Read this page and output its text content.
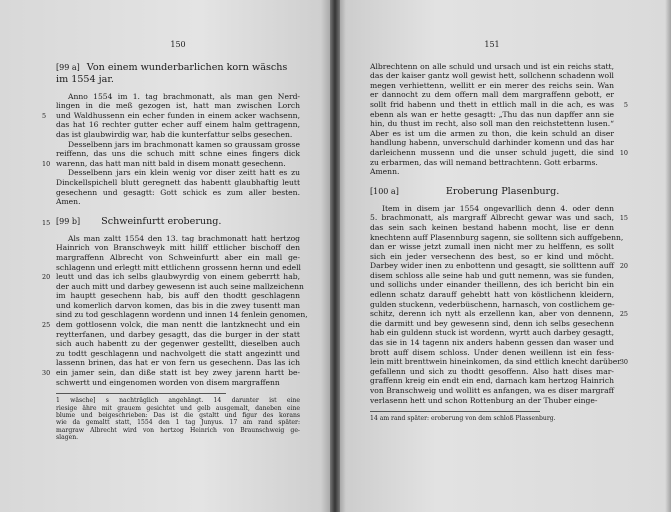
150
[99 a] Von einem wunderbarlichen korn wäschs im 1554 jar.
Anno 1554 im 1. tag brachmonatt, als man gen Nerd-
lingen in die meß gezogen ist, hatt man zwischen Lorch
und Waldhussenn ein echer funden in einem acker wachsenn,
5
das hat 16 rechter gutter echer auff einem halm gettragenn,
das ist glaubwirdig war, hab die kunterfattur selbs gesechen.
Desselbenn jars im brachmonatt kamen so graussam grosse
reiffenn, das uns die schuch mitt schne eines fingers dick
warenn, das hatt man nitt bald in disem monatt gesechenn.
10
Desselbenn jars ein klein wenig vor diser zeitt hatt es zu
Dinckellspichell blutt geregnett das habentt glaubhaftig leutt
gesechenn und gesagtt: Gott schick es zum aller besten.
Amen.
15 [99 b] Schweinfurtt eroberung.
Als man zaltt 1554 den 13. tag brachmonatt hatt hertzog
Hainrich von Branschweyk mitt hillff ettlicher bischoff den
margraffenn Albrecht von Schweinfurtt aber ein mall ge-
schlagenn und erlegtt mitt ettlichenn grossenn hernn und edell
leutt und das ich selbs glaubwyrdig von einem geberrtt hab,
20
der auch mitt und darbey gewesenn ist auch seine mallzeichenn
im hauptt gesechenn hab, bis auff den thodtt geschlagenn
und komerlich darvon komen, das bis in die zwey tusentt man
sind zu tod geschlagenn wordenn und innen 14 fenlein genomen,
dem gottlosenn volck, die man nentt die lantzknecht und ein
25
reytterfanen, und darbey gesagtt, das die burger in der statt
sich auch habentt zu der gegenwer gestelltt, dieselben auch
zu todtt geschlagenn und nachvolgett die statt angezintt und
lassenn brinen, das hat er von fern us gesechenn. Das las ich
ein jamer sein, dan diße statt ist bey zwey jarenn hartt be-
30
schwertt und eingenomen worden von disem margraffenn
1 wäsche] s nachträglich angehängt. 14 darunter ist eine
riesige ähre mit grauem gesichtet und gelb ausgemalt, daneben eine
blume und beigeschrieben: Das ist die gstaltt und figur des korans
wie da gemaltt statt, 1554 den 1 tag Junyus. 17 am rand später:
margraw Albrecht wird von hertzog Heinrich von Braunschweig ge-
slagen.
151
Albrechtenn on alle schuld und ursach und ist ein reichs statt,
das der kaiser gantz woll gewist hett, sollchenn schadenn woll
megen verhiettenn, wellitt er ein merer des reichs sein. Wan
er dannocht zu dem offern mall dem margraffenn gebott, er
sollt frid habenn und thett in ettlich mall in die ach, es was 5
ebenn als wan er hette gesagtt: „Thu das nun dapffer ann sie
hin, du thust im recht, also soll man den reichstettenn lusen.“
Aber es ist um die armen zu thon, die kein schuld an diser
handlung habenn, unverschuld darhinder komenn und das har
darleichenn mussenn und die unser schuld jugett, die sind 10
zu erbarmen, das will nemand bettrachtenn. Gott erbarms.
Amenn.
[100 a]	Eroberung Plasenburg.
Item in disem jar 1554 ongevarllich denn 4. oder denn
5. brachmonatt, als margraff Albrecht gewar was und sach, 15
das sein sach keinen bestand habenn mocht, lise er denn
knechtenn auff Plasennburg sagenn, sie solltenn sich auffgebenn,
dan er wisse jetzt zumall inen nicht mer zu helffenn, es sollt
sich ein jeder versechenn des best, so er kind und möcht.
Darbey wider inen zu enbottenn und gesagtt, sie sollttenn auff 20
disem schloss alle seine hab und gutt nemenn, was sie funden,
und sollichs under einander theillenn, des ich bericht bin ein
edlenn schatz darauff gehebtt hatt von köstlichenn kleidern,
gulden stuckenn, vederbüschenn, harnasch, von costlichem ge-
schitz, derenn ich nytt als erzellenn kan, aber von dennenn, 25
die darmitt und bey gewesenn sind, denn ich selbs gesechenn
hab ein guldenn stuck ist wordenn, wyrtt auch darbey gesagtt,
das sie in 14 tagenn nix anders habenn gessen dan waser und
brott auff disem schloss. Under denen weillenn ist ein fess-
lein mitt brenttwein hineinkomen, da sind ettlich knecht darüber
30
gefallenn und sich zu thodtt gesoffenn. Also hatt dises mar-
graffenn kreig ein endt ein end, darnach kam hertzog Hainrich
von Branschweig und wollitt es anfangen, wa es diser margraff
verlasenn hett und schon Rottenburg an der Thuber einge-
14 am rand später: eroberung von dem schloß Plassenburg.
